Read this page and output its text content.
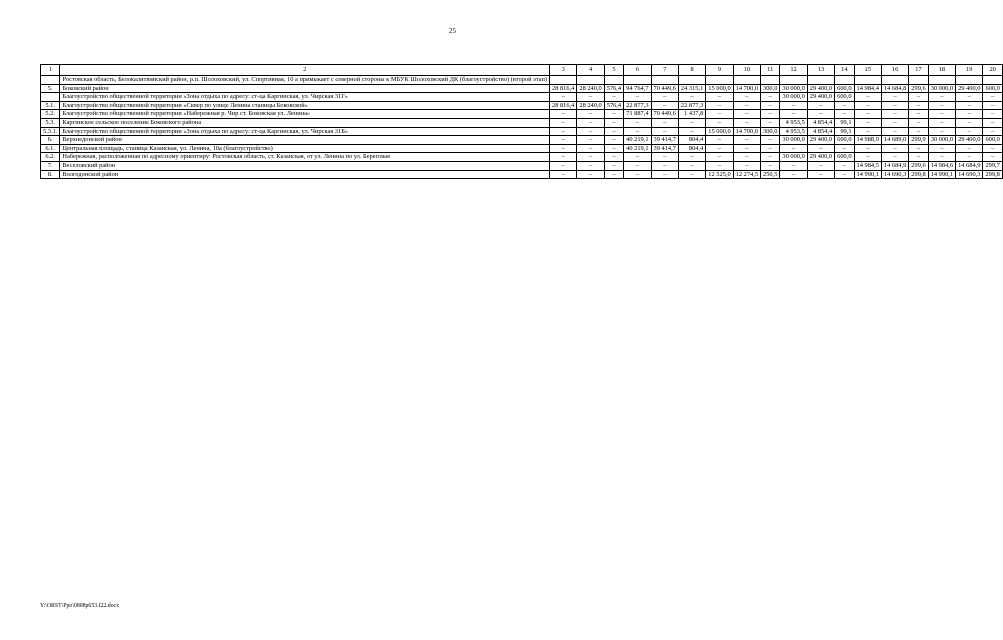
25
1	2	3	4	5	6	7	8	9	10	11	12	13	14	15	16	17	18	19	20
	Ростовская область, Белокалитвинский район, р.п. Шолоховский, ул. Спортивная, 10 а примыкает с северной стороны к МБУК Шолоховский ДК (благоустройство) (второй этап)																		
5.	Боковский район	28 816,4	28 240,0	576,4	94 764,7	70 449,6	24 315,1	15 000,0	14 700,0	300,0	30 000,0	29 400,0	600,0	14 984,4	14 684,8	299,6	30 000,0	29 400,0	600,0
	Благоустройство общественной территории «Зона отдыха по адресу: ст-ца Каргинская, ул. Чирская 31Г»	–	–	–	–	–	–	–	–	–	30 000,0	29 400,0	600,0	–	–	–	–	–	–
5.1.	Благоустройство общественной территории «Сквер по улице Ленина станицы Боковской»	28 816,4	28 240,0	576,4	22 877,3	–	22 877,3	–	–	–	–	–	–	–	–	–	–	–	–
5.2.	Благоустройство общественной территории «Набережная р. Чир ст. Боковская ул. Ленина»	–	–	–	71 887,4	70 449,6	1 437,8	–	–	–	–	–	–	–	–	–	–	–	–
5.3.	Каргинское сельское поселение Боковского района	–	–	–	–	–	–	–	–	–	4 953,5	4 854,4	99,1	–	–	–	–	–	–
5.3.1.	Благоустройство общественной территории «Зона отдыха по адресу: ст-ца Каргинская, ул. Чирская 31Б»	–	–	–	–	–	–	15 000,0	14 700,0	300,0	4 953,5	4 854,4	99,1	–	–	–	–	–	–
6.	Верхнедонской район	–	–	–	40 219,1	39 414,7	804,4	–	–	–	30 000,0	29 400,0	600,0	14 988,9	14 689,0	299,9	30 000,0	29 400,0	600,0
6.1.	Центральная площадь, станица Казанская, ул. Ленина, 10а (благоустройство)	–	–	–	40 219,1	39 414,7	804,4	–	–	–	–	–	–	–	–	–	–	–	–
6.2.	Набережная, расположенная по адресному ориентиру: Ростовская область, ст. Казанская, от ул. Ленина по ул. Береговая	–	–	–	–	–	–	–	–	–	30 000,0	29 400,0	600,0	–	–	–	–	–	–
7.	Веселовский район	–	–	–	–	–	–	–	–	–	–	–	–	14 984,5	14 684,9	299,6	14 984,6	14 684,9	299,7
8.	Волгодонской район	–	–	–	–	–	–	12 525,0	12 274,5	250,5	–	–	–	14 990,1	14 690,3	299,8	14 990,1	14 690,3	299,8
Y:\ORST\Ppo\0808p653.f22.docx
